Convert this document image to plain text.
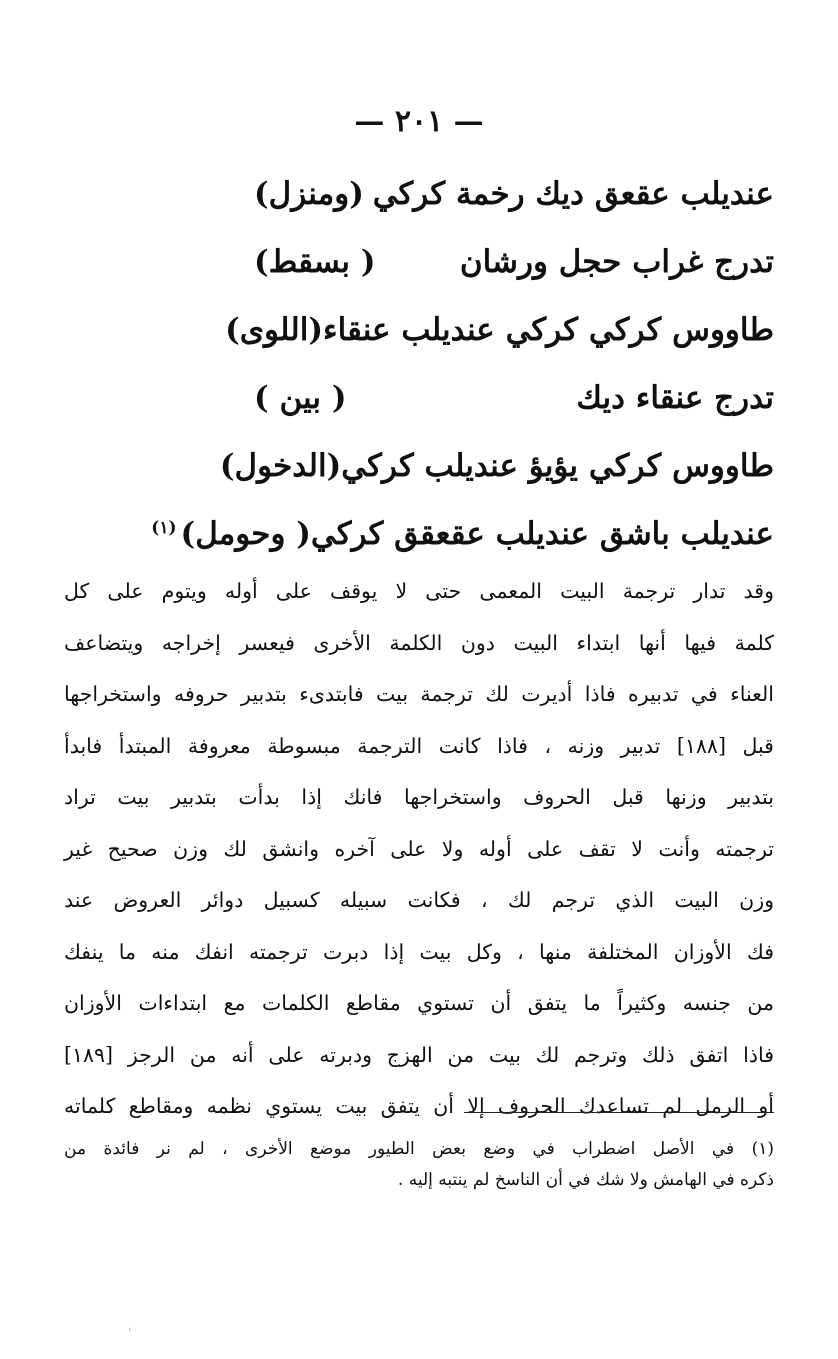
— ٢٠١ —
عنديلب عقعق ديك رخمة كركي
(ومنزل)
تدرج غراب حجل ورشان
( بسقط)
طاووس كركي كركي عنديلب عنقاء
(اللوى)
تدرج عنقاء ديك
( بين )
طاووس كركي يؤيؤ عنديلب كركي
(الدخول)
عنديلب باشق عنديلب عقعقق كركي
( وحومل)$^{(١)}$
وقد تدار ترجمة البيت المعمى حتى لا يوقف على أوله ويتوم على كل
كلمة فيها أنها ابتداء البيت دون الكلمة الأخرى فيعسر إخراجه ويتضاعف
العناء في تدبيره فاذا أديرت لك ترجمة بيت فابتدىء بتدبير حروفه واستخراجها
قبل [١٨٨] تدبير وزنه ، فاذا كانت الترجمة مبسوطة معروفة المبتدأ فابدأ
بتدبير وزنها قبل الحروف واستخراجها فانك إذا بدأت بتدبير بيت تراد
ترجمته وأنت لا تقف على أوله ولا على آخره وانشق لك وزن صحيح غير
وزن البيت الذي ترجم لك ، فكانت سبيله كسبيل دوائر العروض عند
فك الأوزان المختلفة منها ، وكل بيت إذا دبرت ترجمته انفك منه ما ينفك
من جنسه وكثيراً ما يتفق أن تستوي مقاطع الكلمات مع ابتداءات الأوزان
فاذا اتفق ذلك وترجم لك بيت من الهزج ودبرته على أنه من الرجز [١٨٩]
أو الرمل لم تساعدك الحروف إلا أن يتفق بيت يستوي نظمه ومقاطع كلماته
(١) في الأصل اضطراب في وضع بعض الطيور موضع الأخرى ، لم نر فائدة من
ذكره في الهامش ولا شك في أن الناسخ لم ينتبه إليه .
ˈ
